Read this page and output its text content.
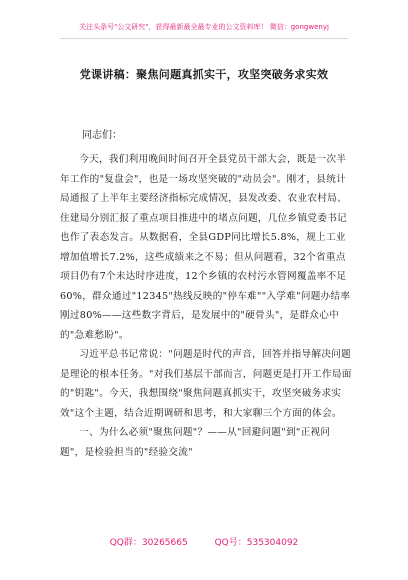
关注头条号"公文研究"，获得最新最全最专业的公文资料库！ 微信：gongwenyj
党课讲稿：聚焦问题真抓实干，攻坚突破务求实效
同志们：

今天，我们利用晚间时间召开全县党员干部大会，既是一次半年工作的"复盘会"，也是一场攻坚突破的"动员会"。刚才，县统计局通报了上半年主要经济指标完成情况，县发改委、农业农村局、住建局分别汇报了重点项目推进中的堵点问题，几位乡镇党委书记也作了表态发言。从数据看，全县GDP同比增长5.8%，规上工业增加值增长7.2%，这些成绩来之不易；但从问题看，32个省重点项目仍有7个未达时序进度，12个乡镇的农村污水管网覆盖率不足60%，群众通过"12345"热线反映的"停车难""入学难"问题办结率刚过80%——这些数字背后，是发展中的"硬骨头"，是群众心中的"急难愁盼"。

习近平总书记常说："问题是时代的声音，回答并指导解决问题是理论的根本任务。"对我们基层干部而言，问题更是打开工作局面的"钥匙"。今天，我想围绕"聚焦问题真抓实干，攻坚突破务求实效"这个主题，结合近期调研和思考，和大家聊三个方面的体会。

一、为什么必须"聚焦问题"？——从"回避问题"到"正视问题"，是检验担当的"经验交流"

QQ群：30265665	QQ号：535304092
